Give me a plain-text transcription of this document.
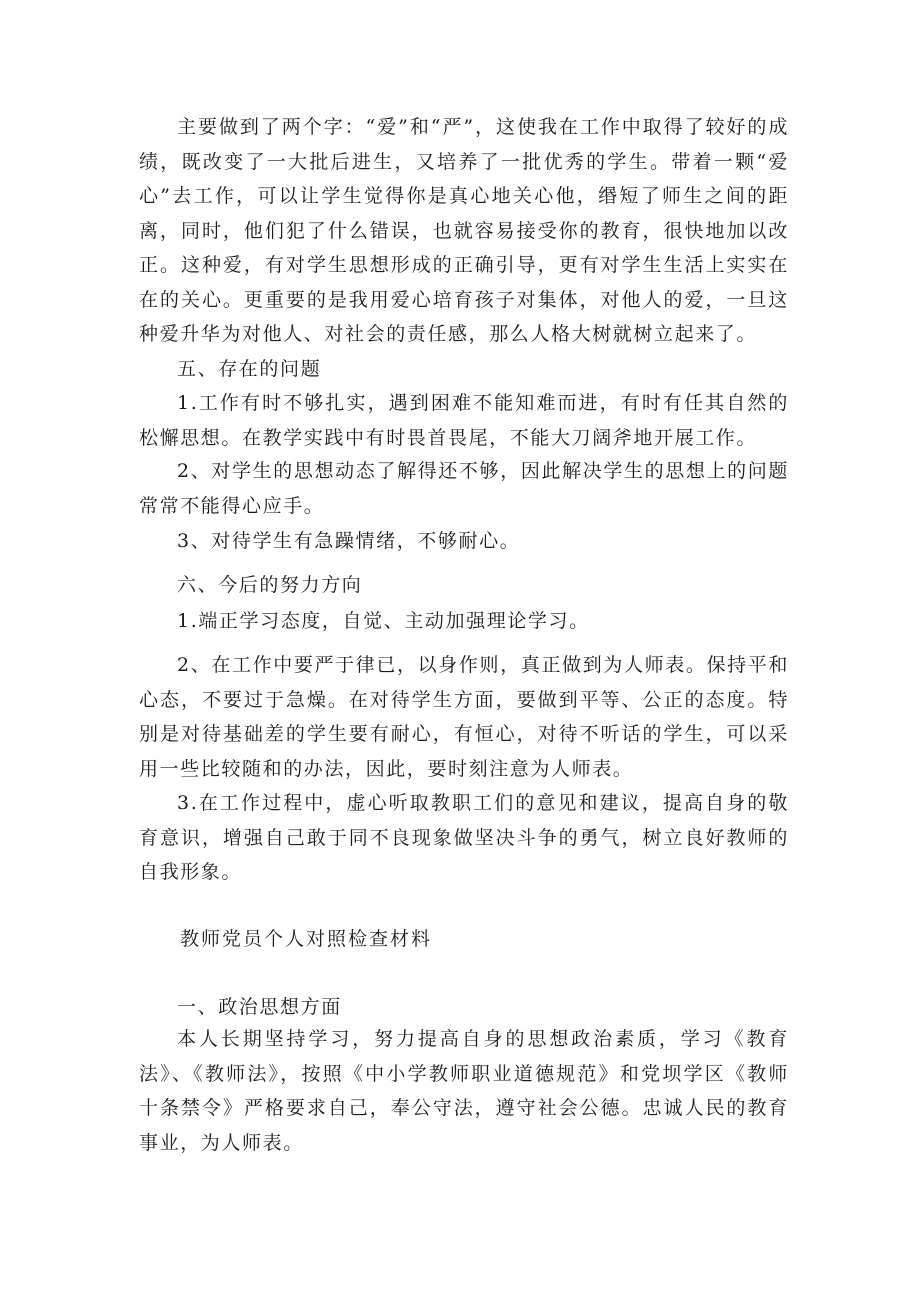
主要做到了两个字：“爱”和“严”，这使我在工作中取得了较好的成绩，既改变了一大批后进生，又培养了一批优秀的学生。带着一颗“爱心”去工作，可以让学生觉得你是真心地关心他，缗短了师生之间的距离，同时，他们犯了什么错误，也就容易接受你的教育，很快地加以改正。这种爱，有对学生思想形成的正确引导，更有对学生生活上实实在在的关心。更重要的是我用爱心培育孩子对集体，对他人的爱，一旦这种爱升华为对他人、对社会的责任感，那么人格大树就树立起来了。

五、存在的问题

1.工作有时不够扎实，遇到困难不能知难而进，有时有任其自然的松懈思想。在教学实践中有时畏首畏尾，不能大刀阔斧地开展工作。

2、对学生的思想动态了解得还不够，因此解决学生的思想上的问题常常不能得心应手。

3、对待学生有急躁情绪，不够耐心。

六、今后的努力方向

1.端正学习态度，自觉、主动加强理论学习。

2、在工作中要严于律已，以身作则，真正做到为人师表。保持平和心态，不要过于急燥。在对待学生方面，要做到平等、公正的态度。特别是对待基础差的学生要有耐心，有恒心，对待不听话的学生，可以采用一些比较随和的办法，因此，要时刻注意为人师表。

3.在工作过程中，虚心听取教职工们的意见和建议，提高自身的敬育意识，增强自己敢于同不良现象做坚决斗争的勇气，树立良好教师的自我形象。

教师党员个人对照检查材料

一、政治思想方面

本人长期坚持学习，努力提高自身的思想政治素质，学习《教育法》、《教师法》，按照《中小学教师职业道德规范》和党坝学区《教师十条禁令》严格要求自己，奉公守法，遵守社会公德。忠诚人民的教育事业，为人师表。
